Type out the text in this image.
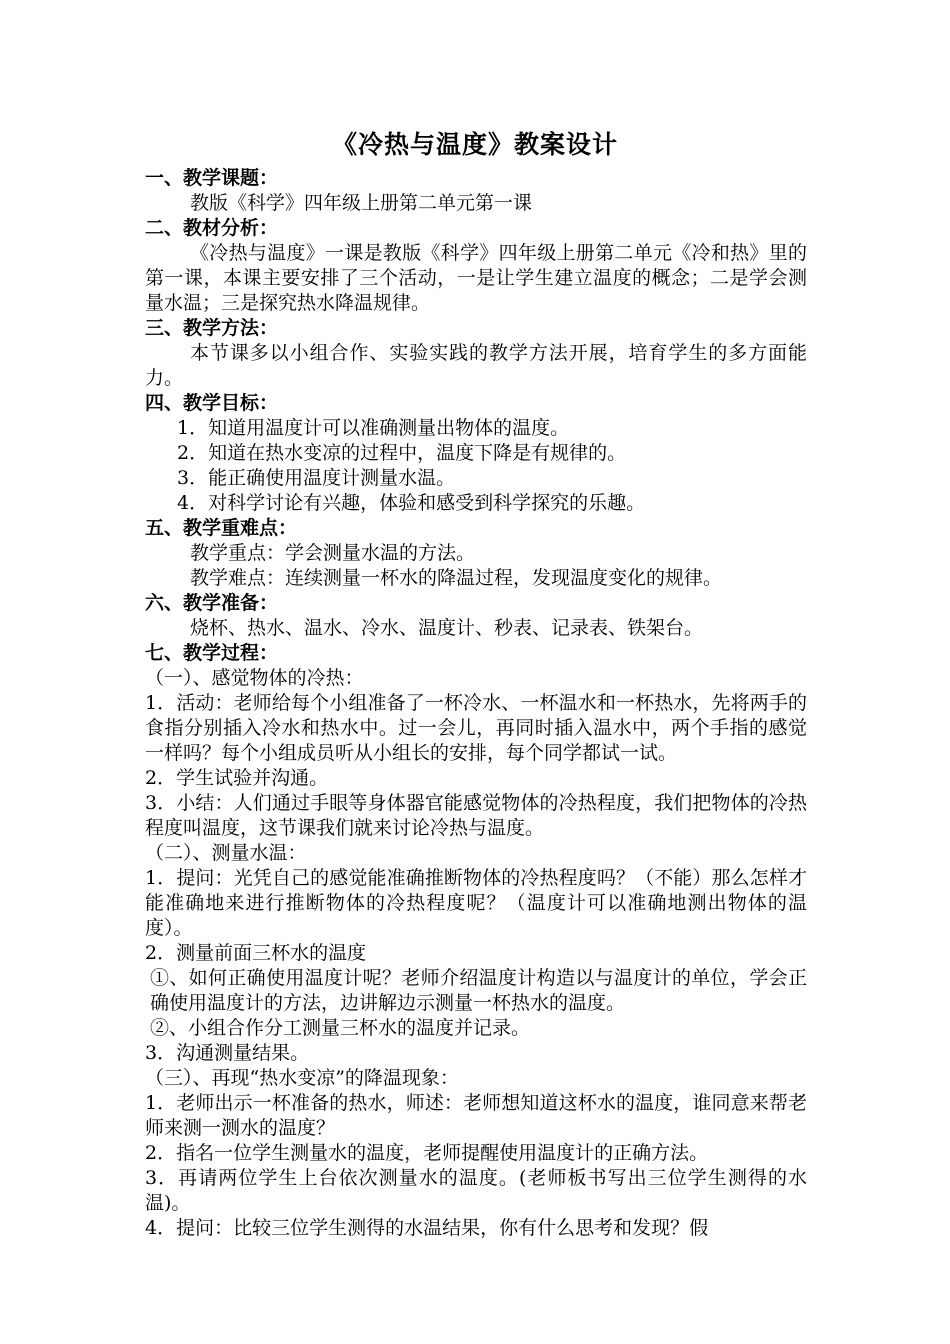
《冷热与温度》教案设计

一、教学课题：

教版《科学》四年级上册第二单元第一课

二、教材分析：

《冷热与温度》一课是教版《科学》四年级上册第二单元《冷和热》里的第一课，本课主要安排了三个活动，一是让学生建立温度的概念；二是学会测量水温；三是探究热水降温规律。

三、教学方法：

本节课多以小组合作、实验实践的教学方法开展，培育学生的多方面能力。

四、教学目标：

1．知道用温度计可以准确测量出物体的温度。

2．知道在热水变凉的过程中，温度下降是有规律的。

3．能正确使用温度计测量水温。

4．对科学讨论有兴趣，体验和感受到科学探究的乐趣。

五、教学重难点：

教学重点：学会测量水温的方法。

教学难点：连续测量一杯水的降温过程，发现温度变化的规律。

六、教学准备：

烧杯、热水、温水、冷水、温度计、秒表、记录表、铁架台。

七、教学过程：

（一）、感觉物体的冷热：

1．活动：老师给每个小组准备了一杯冷水、一杯温水和一杯热水，先将两手的食指分别插入冷水和热水中。过一会儿，再同时插入温水中，两个手指的感觉一样吗？每个小组成员听从小组长的安排，每个同学都试一试。

2．学生试验并沟通。

3．小结：人们通过手眼等身体器官能感觉物体的冷热程度，我们把物体的冷热程度叫温度，这节课我们就来讨论冷热与温度。

（二）、测量水温：

1．提问：光凭自己的感觉能准确推断物体的冷热程度吗？（不能）那么怎样才能准确地来进行推断物体的冷热程度呢？（温度计可以准确地测出物体的温度）。

2．测量前面三杯水的温度

①、如何正确使用温度计呢？老师介绍温度计构造以与温度计的单位，学会正确使用温度计的方法，边讲解边示测量一杯热水的温度。

②、小组合作分工测量三杯水的温度并记录。

3．沟通测量结果。

（三）、再现“热水变凉”的降温现象：

1．老师出示一杯准备的热水，师述：老师想知道这杯水的温度，谁同意来帮老师来测一测水的温度？

2．指名一位学生测量水的温度，老师提醒使用温度计的正确方法。

3．再请两位学生上台依次测量水的温度。(老师板书写出三位学生测得的水温)。

4．提问：比较三位学生测得的水温结果，你有什么思考和发现？假
